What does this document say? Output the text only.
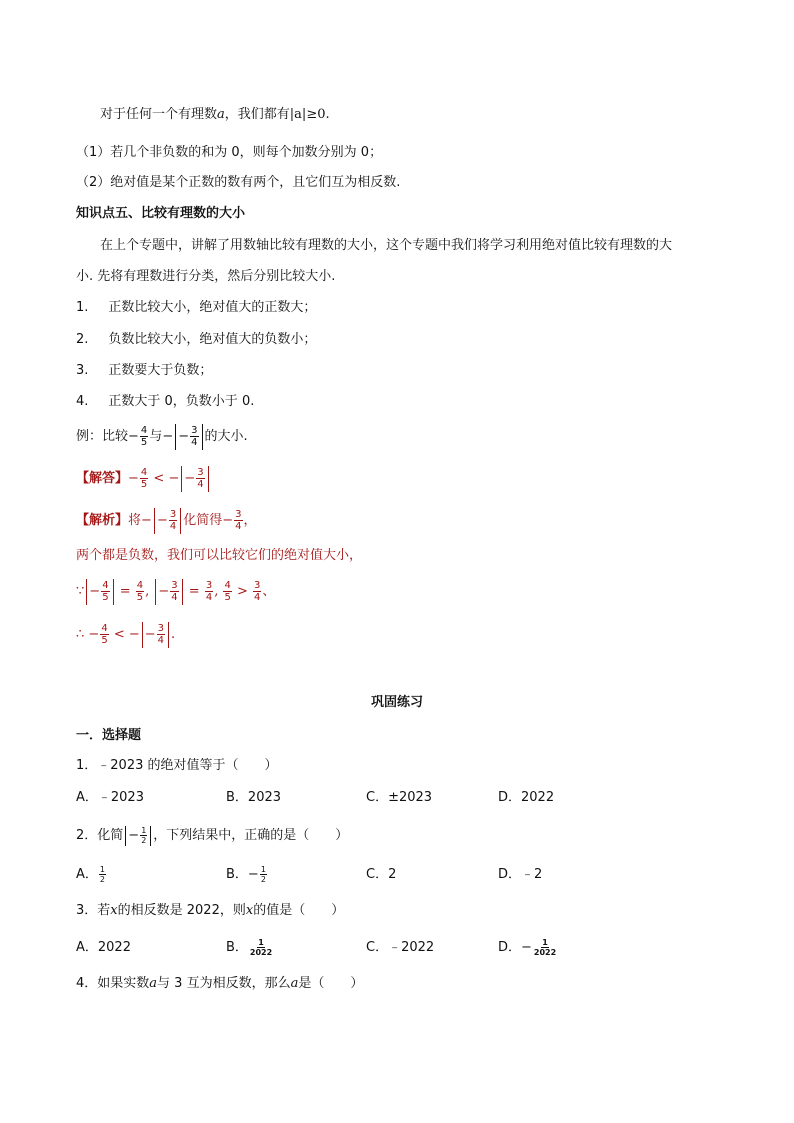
对于任何一个有理数a，我们都有|a|≥0.
（1）若几个非负数的和为 0，则每个加数分别为 0；
（2）绝对值是某个正数的数有两个，且它们互为相反数.
知识点五、比较有理数的大小
在上个专题中，讲解了用数轴比较有理数的大小，这个专题中我们将学习利用绝对值比较有理数的大
小. 先将有理数进行分类，然后分别比较大小.
1. 正数比较大小，绝对值大的正数大；
2. 负数比较大小，绝对值大的负数小；
3. 正数要大于负数；
4. 正数大于 0，负数小于 0.
例：比较− $\frac{4}{5}$ 与− − $\frac{3}{4}$ 的大小.
【解答】− $\frac{4}{5}$ < − − $\frac{3}{4}$
【解析】将− − $\frac{3}{4}$ 化简得− $\frac{3}{4}$ ，
两个都是负数，我们可以比较它们的绝对值大小，
∵ − $\frac{4}{5} = \frac{4}{5}$ , − $\frac{3}{4} = \frac{3}{4}$ , $\frac{4}{5} > \frac{3}{4}$ 、
∴ − $\frac{4}{5}$ < − − $\frac{3}{4}$ .
巩固练习
一．选择题
1．﹣2023 的绝对值等于（　　）
A．﹣2023	B．2023	C．±2023	D．2022
2．化简 − $\frac{1}{2}$ ，下列结果中，正确的是（　　）
A． $\frac{1}{2}$	B．− $\frac{1}{2}$	C．2	D．﹣2
3．若x的相反数是 2022，则x的值是（　　）
A．2022	B． $\frac{1}{2022}$	C．﹣2022	D．− $\frac{1}{2022}$
4．如果实数a与 3 互为相反数，那么a是（　　）
